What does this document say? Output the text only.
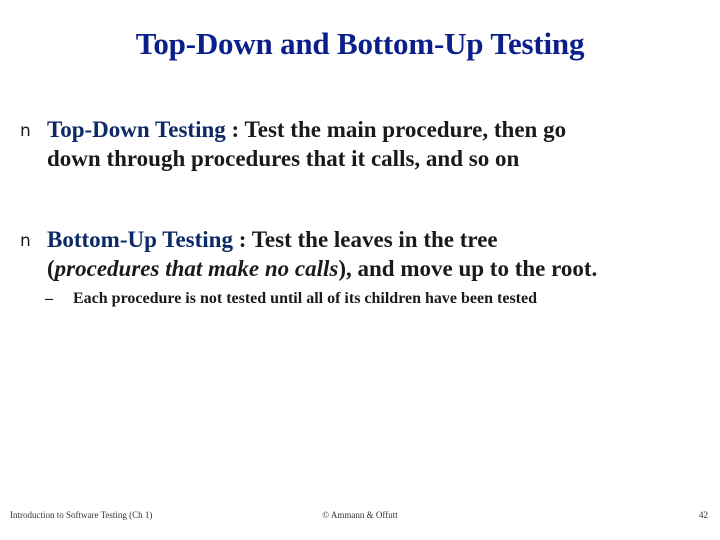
Top-Down and Bottom-Up Testing
n Top-Down Testing : Test the main procedure, then go
down through procedures that it calls, and so on
n Bottom-Up Testing : Test the leaves in the tree
(procedures that make no calls), and move up to the root.
–	Each procedure is not tested until all of its children have been tested
Introduction to Software Testing (Ch 1)	© Ammann & Offutt	42
